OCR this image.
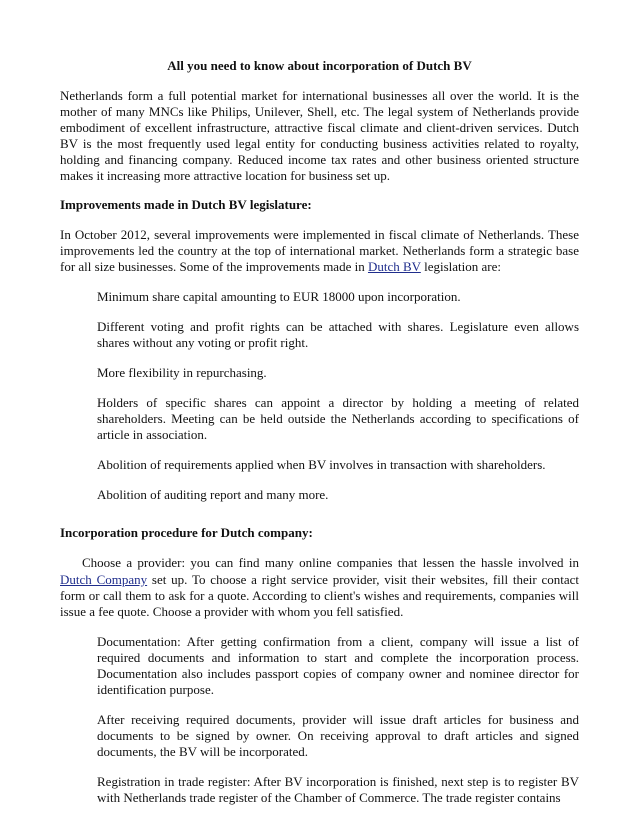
All you need to know about incorporation of Dutch BV

Netherlands form a full potential market for international businesses all over the world. It is the mother of many MNCs like Philips, Unilever, Shell, etc. The legal system of Netherlands provide embodiment of excellent infrastructure, attractive fiscal climate and client-driven services. Dutch BV is the most frequently used legal entity for conducting business activities related to royalty, holding and financing company. Reduced income tax rates and other business oriented structure makes it increasing more attractive location for business set up.

Improvements made in Dutch BV legislature:

In October 2012, several improvements were implemented in fiscal climate of Netherlands. These improvements led the country at the top of international market. Netherlands form a strategic base for all size businesses. Some of the improvements made in Dutch BV legislation are:

Minimum share capital amounting to EUR 18000 upon incorporation.
Different voting and profit rights can be attached with shares. Legislature even allows shares without any voting or profit right.
More flexibility in repurchasing.
Holders of specific shares can appoint a director by holding a meeting of related shareholders. Meeting can be held outside the Netherlands according to specifications of article in association.
Abolition of requirements applied when BV involves in transaction with shareholders.
Abolition of auditing report and many more.

Incorporation procedure for Dutch company:

Choose a provider: you can find many online companies that lessen the hassle involved in Dutch Company set up. To choose a right service provider, visit their websites, fill their contact form or call them to ask for a quote. According to client's wishes and requirements, companies will issue a fee quote. Choose a provider with whom you fell satisfied.

Documentation: After getting confirmation from a client, company will issue a list of required documents and information to start and complete the incorporation process. Documentation also includes passport copies of company owner and nominee director for identification purpose.
After receiving required documents, provider will issue draft articles for business and documents to be signed by owner. On receiving approval to draft articles and signed documents, the BV will be incorporated.
Registration in trade register: After BV incorporation is finished, next step is to register BV with Netherlands trade register of the Chamber of Commerce. The trade register contains
